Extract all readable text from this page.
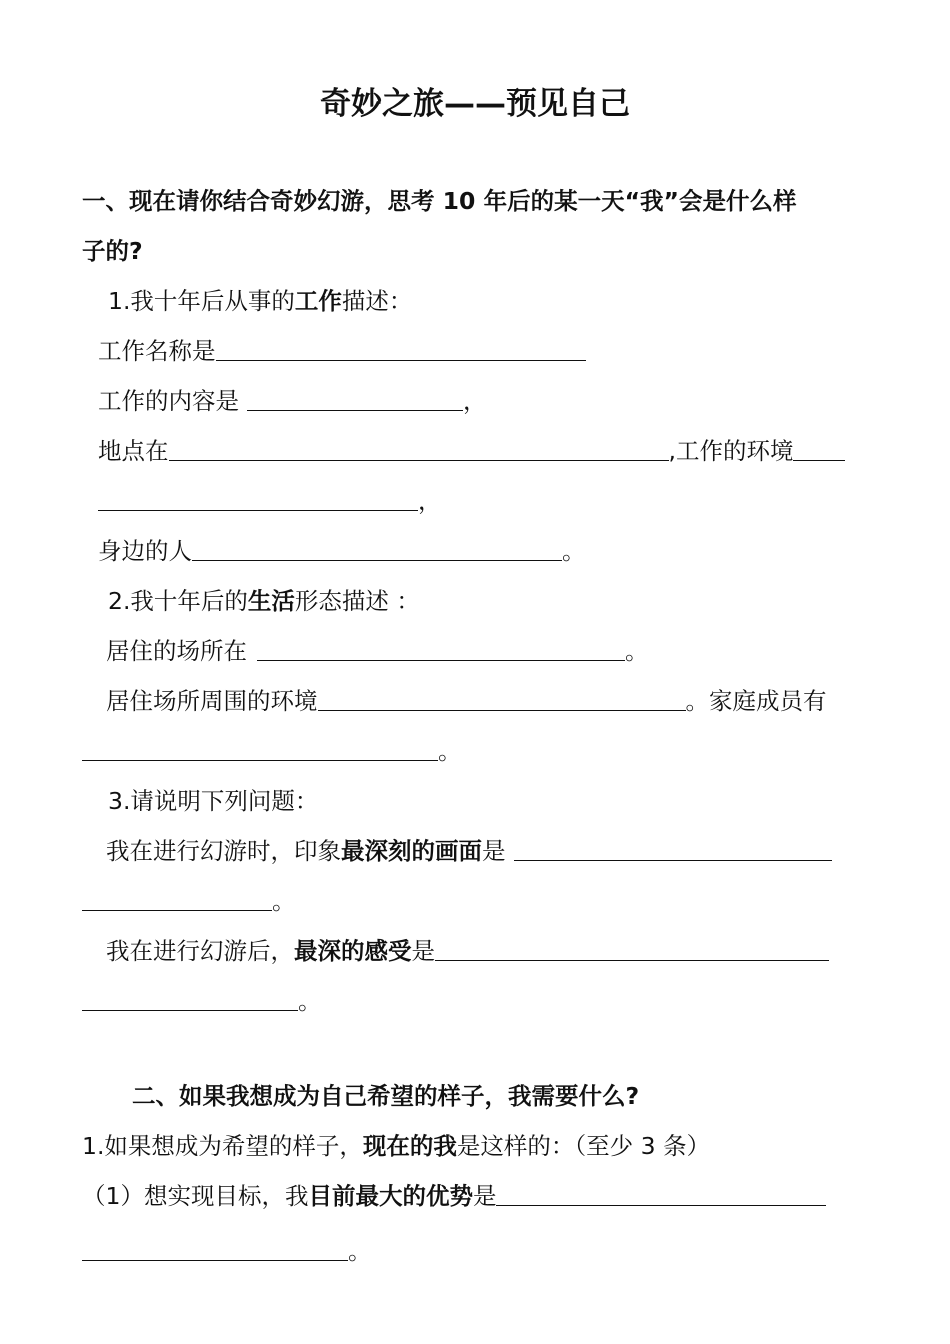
奇妙之旅——预见自己
一、现在请你结合奇妙幻游，思考 10 年后的某一天“我”会是什么样
子的?
1.我十年后从事的工作描述：
工作名称是
工作的内容是	，
地点在	,工作的环境
，
身边的人	。
2.我十年后的生活形态描述 ：
居住的场所在	。
居住场所周围的环境	。家庭成员有
。
3.请说明下列问题：
我在进行幻游时，印象最深刻的画面是
。
我在进行幻游后，最深的感受是
。
二、如果我想成为自己希望的样子，我需要什么?
1.如果想成为希望的样子，现在的我是这样的：（至少 3 条）
（1）想实现目标，我目前最大的优势是
。
